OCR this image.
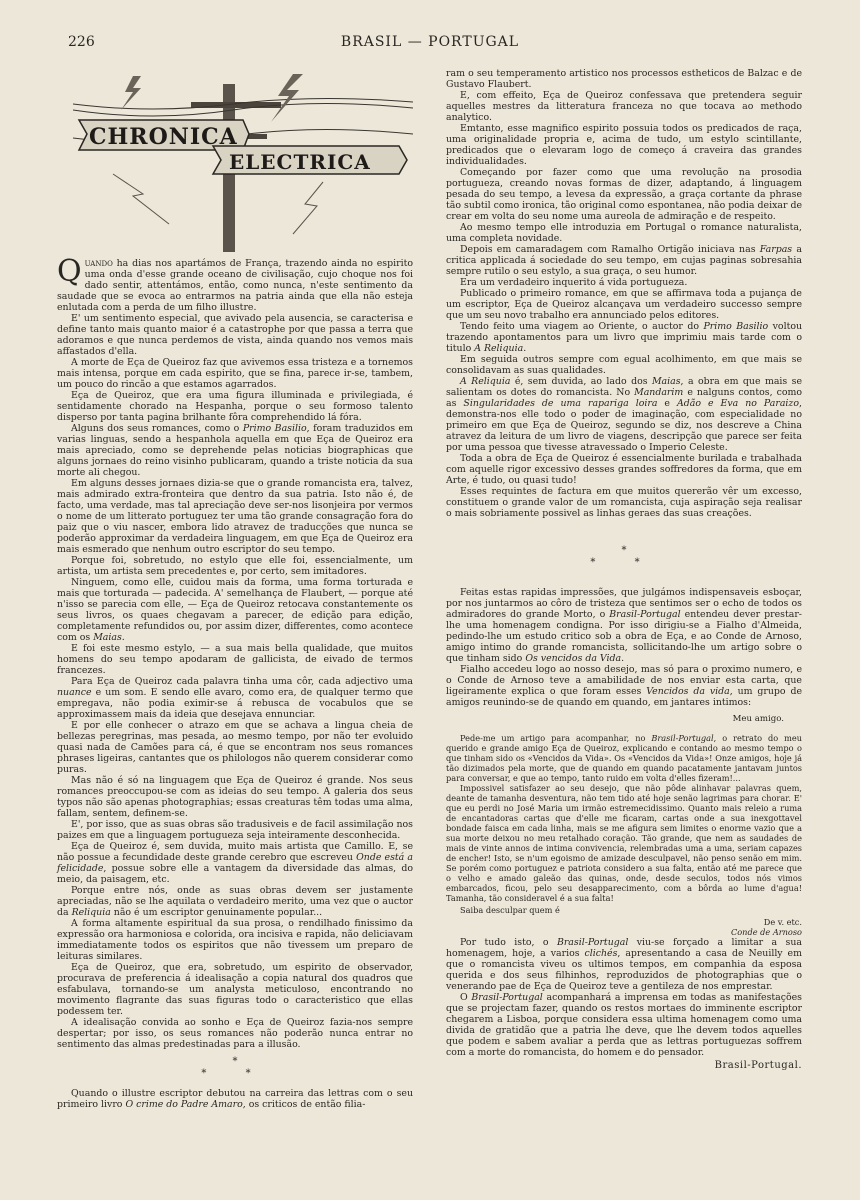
226	BRASIL — PORTUGAL
CHRONICA
ELECTRICA

Quando ha dias nos apartámos de França, trazendo ainda no espirito uma onda d'esse grande oceano de civilisação, cujo choque nos foi dado sentir, attentámos, então, como nunca, n'este sentimento da saudade que se evoca ao entrarmos na patria ainda que ella não esteja enlutada com a perda de um filho illustre.

E' um sentimento especial, que avivado pela ausencia, se caracterisa e define tanto mais quanto maior é a catastrophe por que passa a terra que adoramos e que nunca perdemos de vista, ainda quando nos vemos mais affastados d'ella.

A morte de Eça de Queiroz faz que avivemos essa tristeza e a tornemos mais intensa, porque em cada espirito, que se fina, parece ir-se, tambem, um pouco do rincão a que estamos agarrados.

Eça de Queiroz, que era uma figura illuminada e privilegiada, é sentidamente chorado na Hespanha, porque o seu formoso talento disperso por tanta pagina brilhante fôra comprehendido lá fóra.

Alguns dos seus romances, como o Primo Basilio, foram traduzidos em varias linguas, sendo a hespanhola aquella em que Eça de Queiroz era mais apreciado, como se deprehende pelas noticias biographicas que alguns jornaes do reino visinho publicaram, quando a triste noticia da sua morte ali chegou.

Em alguns desses jornaes dizia-se que o grande romancista era, talvez, mais admirado extra-fronteira que dentro da sua patria. Isto não é, de facto, uma verdade, mas tal apreciação deve ser-nos lisonjeira por vermos o nome de um litterato portuguez ter uma tão grande consagração fora do paiz que o viu nascer, embora lido atravez de traducções que nunca se poderão approximar da verdadeira linguagem, em que Eça de Queiroz era mais esmerado que nenhum outro escriptor do seu tempo.

Porque foi, sobretudo, no estylo que elle foi, essencialmente, um artista, um artista sem precedentes e, por certo, sem imitadores.

Ninguem, como elle, cuidou mais da forma, uma forma torturada e mais que torturada — padecida. A' semelhança de Flaubert, — porque até n'isso se parecia com elle, — Eça de Queiroz retocava constantemente os seus livros, os quaes chegavam a parecer, de edição para edição, completamente refundidos ou, por assim dizer, differentes, como acontece com os Maias.

E foi este mesmo estylo, — a sua mais bella qualidade, que muitos homens do seu tempo apodaram de gallicista, de eivado de termos francezes.

Para Eça de Queiroz cada palavra tinha uma côr, cada adjectivo uma nuance e um som. E sendo elle avaro, como era, de qualquer termo que empregava, não podia eximir-se á rebusca de vocabulos que se approximassem mais da ideia que desejava ennunciar.

E por elle conhecer o atrazo em que se achava a lingua cheia de bellezas peregrinas, mas pesada, ao mesmo tempo, por não ter evoluido quasi nada de Camões para cá, é que se encontram nos seus romances phrases ligeiras, cantantes que os philologos não querem considerar como puras.

Mas não é só na linguagem que Eça de Queiroz é grande. Nos seus romances preoccupou-se com as ideias do seu tempo. A galeria dos seus typos não são apenas photographias; essas creaturas têm todas uma alma, fallam, sentem, definem-se.

E', por isso, que as suas obras são tradusiveis e de facil assimilação nos paizes em que a linguagem portugueza seja inteiramente desconhecida.

Eça de Queiroz é, sem duvida, muito mais artista que Camillo. E, se não possue a fecundidade deste grande cerebro que escreveu Onde está a felicidade, possue sobre elle a vantagem da diversidade das almas, do meio, da paisagem, etc.

Porque entre nós, onde as suas obras devem ser justamente apreciadas, não se lhe aquilata o verdadeiro merito, uma vez que o auctor da Reliquia não é um escriptor genuinamente popular...

A forma altamente espiritual da sua prosa, o rendilhado finissimo da expressão ora harmoniosa e colorida, ora incisiva e rapida, não deliciavam immediatamente todos os espiritos que não tivessem um preparo de leituras similares.

Eça de Queiroz, que era, sobretudo, um espirito de observador, procurava de preferencia á idealisação a copia natural dos quadros que esfabulava, tornando-se um analysta meticuloso, encontrando no movimento flagrante das suas figuras todo o caracteristico que ellas podessem ter.

A idealisação convida ao sonho e Eça de Queiroz fazia-nos sempre despertar; por isso, os seus romances não poderão nunca entrar no sentimento das almas predestinadas para a illusão.

*
* *

Quando o illustre escriptor debutou na carreira das lettras com o seu primeiro livro O crime do Padre Amaro, os criticos de então filia-

ram o seu temperamento artistico nos processos estheticos de Balzac e de Gustavo Flaubert.

E, com effeito, Eça de Queiroz confessava que pretendera seguir aquelles mestres da litteratura franceza no que tocava ao methodo analytico.

Emtanto, esse magnifico espirito possuia todos os predicados de raça, uma originalidade propria e, acima de tudo, um estylo scintillante, predicados que o elevaram logo de começo á craveira das grandes individualidades.

Começando por fazer como que uma revolução na prosodia portugueza, creando novas formas de dizer, adaptando, á linguagem pesada do seu tempo, a levesa da expressão, a graça cortante da phrase tão subtil como ironica, tão original como espontanea, não podia deixar de crear em volta do seu nome uma aureola de admiração e de respeito.

Ao mesmo tempo elle introduzia em Portugal o romance naturalista, uma completa novidade.

Depois em camaradagem com Ramalho Ortigão iniciava nas Farpas a critica applicada á sociedade do seu tempo, em cujas paginas sobresahia sempre rutilo o seu estylo, a sua graça, o seu humor.

Era um verdadeiro inquerito á vida portugueza.

Publicado o primeiro romance, em que se affirmava toda a pujança de um escriptor, Eça de Queiroz alcançava um verdadeiro successo sempre que um seu novo trabalho era annunciado pelos editores.

Tendo feito uma viagem ao Oriente, o auctor do Primo Basilio voltou trazendo apontamentos para um livro que imprimiu mais tarde com o titulo A Reliquia.

Em seguida outros sempre com egual acolhimento, em que mais se consolidavam as suas qualidades.

A Reliquia é, sem duvida, ao lado dos Maias, a obra em que mais se salientam os dotes do romancista. No Mandarim e nalguns contos, como as Singularidades de uma rapariga loira e Adão e Eva no Paraizo, demonstra-nos elle todo o poder de imaginação, com especialidade no primeiro em que Eça de Queiroz, segundo se diz, nos descreve a China atravez da leitura de um livro de viagens, descripção que parece ser feita por uma pessoa que tivesse atravessado o Imperio Celeste.

Toda a obra de Eça de Queiroz é essencialmente burilada e trabalhada com aquelle rigor excessivo desses grandes soffredores da forma, que em Arte, é tudo, ou quasi tudo!

Esses requintes de factura em que muitos quererão vêr um excesso, constituem o grande valor de um romancista, cuja aspiração seja realisar o mais sobriamente possivel as linhas geraes das suas creações.

*
* *

Feitas estas rapidas impressões, que julgámos indispensaveis esboçar, por nos juntarmos ao côro de tristeza que sentimos ser o echo de todos os admiradores do grande Morto, o Brasil-Portugal entendeu dever prestar-lhe uma homenagem condigna. Por isso dirigiu-se a Fialho d'Almeida, pedindo-lhe um estudo critico sob a obra de Eça, e ao Conde de Arnoso, amigo intimo do grande romancista, sollicitando-lhe um artigo sobre o que tinham sido Os vencidos da Vida.

Fialho accedeu logo ao nosso desejo, mas só para o proximo numero, e o Conde de Arnoso teve a amabilidade de nos enviar esta carta, que ligeiramente explica o que foram esses Vencidos da vida, um grupo de amigos reunindo-se de quando em quando, em jantares intimos:

Meu amigo.

Pede-me um artigo para acompanhar, no Brasil-Portugal, o retrato do meu querido e grande amigo Eça de Queiroz, explicando e contando ao mesmo tempo o que tinham sido os «Vencidos da Vida». Os «Vencidos da Vida»! Onze amigos, hoje já tão dizimados pela morte, que de quando em quando pacatamente jantavam juntos para conversar, e que ao tempo, tanto ruido em volta d'elles fizeram!...

Impossivel satisfazer ao seu desejo, que não pôde alinhavar palavras quem, deante de tamanha desventura, não tem tido até hoje senão lagrimas para chorar. E' que eu perdi no José Maria um irmão estremecidissimo. Quanto mais releio a ruma de encantadoras cartas que d'elle me ficaram, cartas onde a sua inexgottavel bondade faisca em cada linha, mais se me afigura sem limites o enorme vazio que a sua morte deixou no meu retalhado coração. Tão grande, que nem as saudades de mais de vinte annos de intima convivencia, relembradas uma a uma, seriam capazes de encher! Isto, se n'um egoismo de amizade desculpavel, não penso senão em mim. Se porém como portuguez e patriota considero a sua falta, então até me parece que o velho e amado galeão das quinas, onde, desde seculos, todos nós vimos embarcados, ficou, pelo seu desapparecimento, com a bôrda ao lume d'agua! Tamanha, tão consideravel é a sua falta!

Saiba desculpar quem é

De v. etc.

Conde de Arnoso

Por tudo isto, o Brasil-Portugal viu-se forçado a limitar a sua homenagem, hoje, a varios clichés, apresentando a casa de Neuilly em que o romancista viveu os ultimos tempos, em companhia da esposa querida e dos seus filhinhos, reproduzidos de photographias que o venerando pae de Eça de Queiroz teve a gentileza de nos emprestar.

O Brasil-Portugal acompanhará a imprensa em todas as manifestações que se projectam fazer, quando os restos mortaes do imminente escriptor chegarem a Lisboa, porque considera essa ultima homenagem como uma divida de gratidão que a patria lhe deve, que lhe devem todos aquelles que podem e sabem avaliar a perda que as lettras portuguezas soffrem com a morte do romancista, do homem e do pensador.

Brasil-Portugal.
